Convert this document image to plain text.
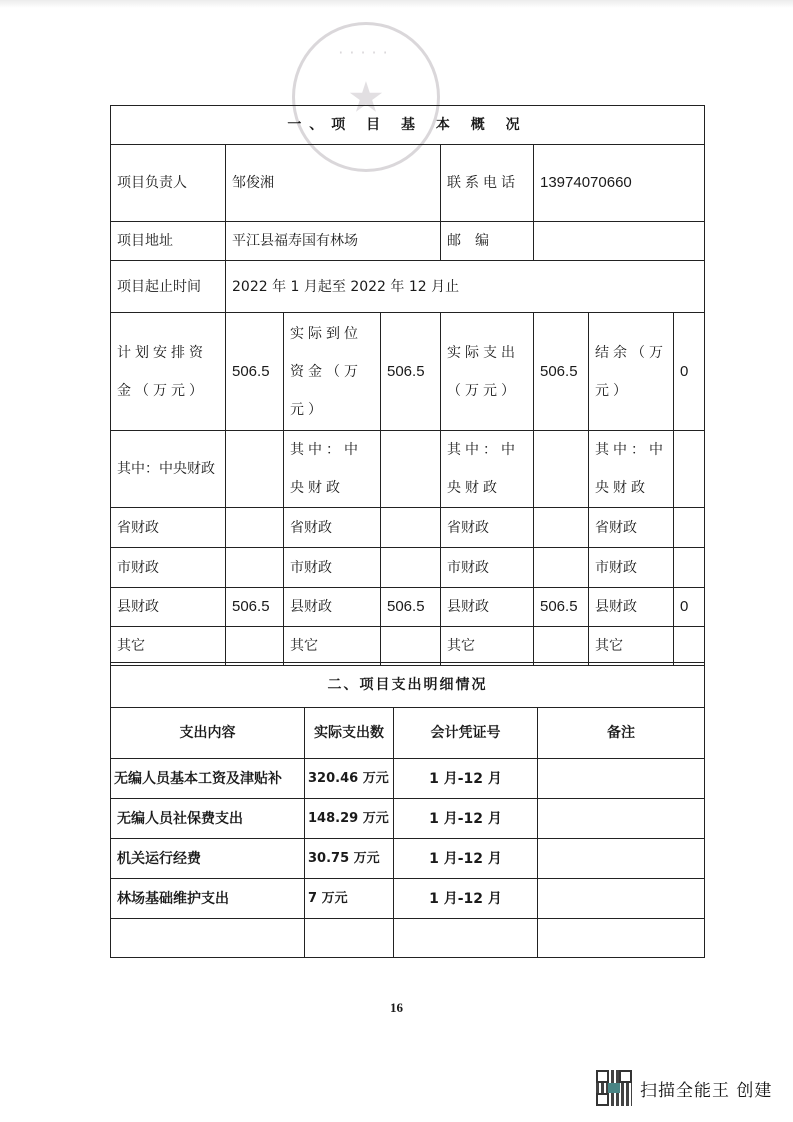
·····
★
一、项 目 基 本 概 况							
项目负责人	邹俊湘			联系电话	13974070660		
项目地址	平江县福寿国有林场			邮　编			
项目起止时间	2022 年 1 月起至 2022 年 12 月止						
计划安排资金（万元）	506.5	实际到位资金（万元）	506.5	实际支出（万元）	506.5	结余（万元）	0
其中：中央财政		其中：中央财政		其中：中央财政		其中：中央财政	
省财政		省财政		省财政		省财政	
市财政		市财政		市财政		市财政	
县财政	506.5	县财政	506.5	县财政	506.5	县财政	0
其它		其它		其它		其它	
二、项目支出明细情况			
支出内容	实际支出数	会计凭证号	备注
无编人员基本工资及津贴补	320.46 万元	1 月-12 月	
无编人员社保费支出	148.29 万元	1 月-12 月	
机关运行经费	30.75 万元	1 月-12 月	
林场基础维护支出	7 万元	1 月-12 月	

16
扫描全能王 创建
